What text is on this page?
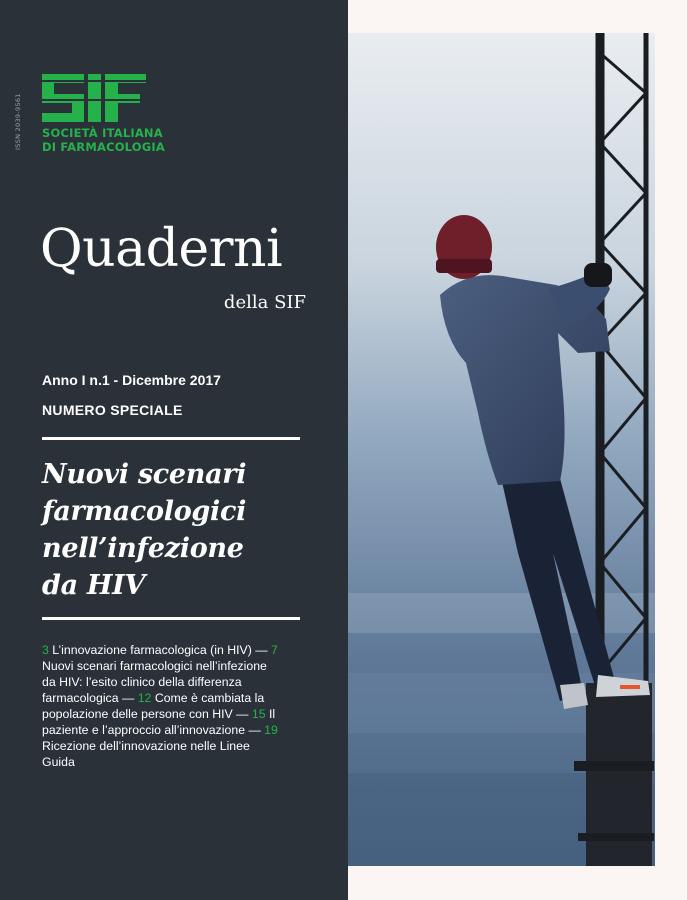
ISSN 2039-9561 SOCIETÀ ITALIANA
DI FARMACOLOGIA
Quaderni
della SIF
Anno I n.1 - Dicembre 2017
NUMERO SPECIALE
Nuovi scenari
farmacologici
nell’infezione
da HIV
3 L’innovazione farmacologica (in HIV) — 7 Nuovi scenari farmacologici nell’infezione da HIV: l’esito clinico della differenza farmacologica — 12 Come è cambiata la popolazione delle persone con HIV — 15 Il paziente e l’approccio all’innovazione — 19 Ricezione dell’innovazione nelle Linee Guida
